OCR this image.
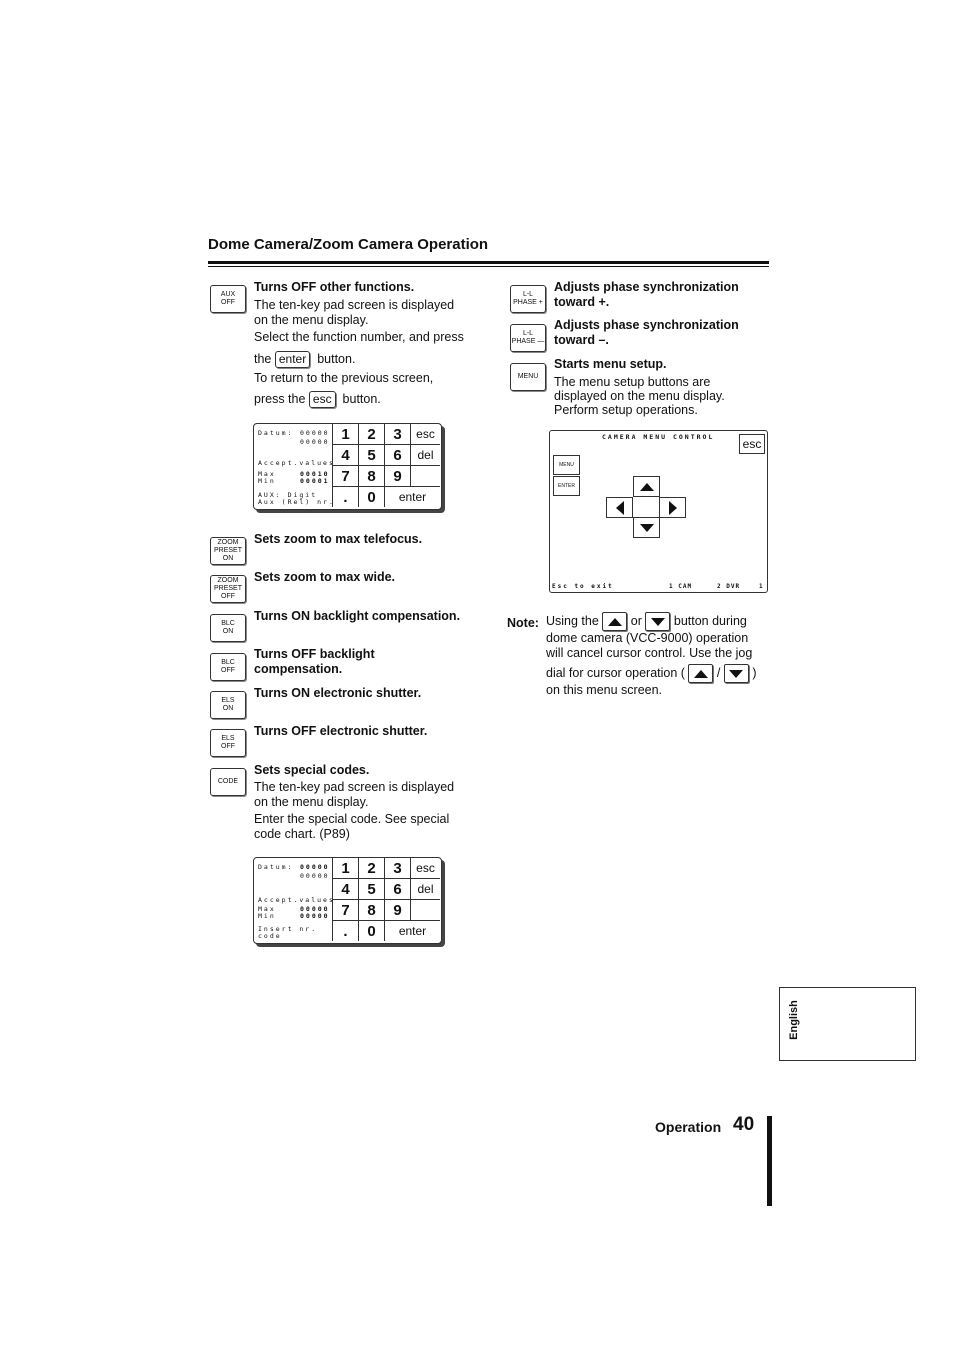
Dome Camera/Zoom Camera Operation
AUX
OFF
Turns OFF other functions.
The ten-key pad screen is displayed
on the menu display.
Select the function number, and press
the enter button.
To return to the previous screen,
press the esc button.
Datum: 00000
00000
Accept.values
Max
Min
00010
00001
AUX: Digit
Aux (Rel) nr.
1	2	3	esc
4	5	6	del
7	8	9
.	0	enter
ZOOM
PRESET
ON
Sets zoom to max telefocus.
ZOOM
PRESET
OFF
Sets zoom to max wide.
BLC
ON
Turns ON backlight compensation.
BLC
OFF
Turns OFF backlight compensation.
ELS
ON
Turns ON electronic shutter.
ELS
OFF
Turns OFF electronic shutter.
CODE
Sets special codes.
The ten-key pad screen is displayed
on the menu display.
Enter the special code. See special
code chart. (P89)
Datum: 00000
00000
Accept.values
Max
Min
00000
00000
Insert nr.
code
1	2	3	esc
4	5	6	del
7	8	9
.	0	enter
L-L
PHASE +
Adjusts phase synchronization
toward +.
L-L
PHASE —
Adjusts phase synchronization
toward –.
MENU
Starts menu setup.
The menu setup buttons are
displayed on the menu display.
Perform setup operations.
CAMERA MENU CONTROL	esc
MENU
ENTER
Esc to exit	1 CAM	2 DVR	1
Note: Using the	or	button during
dome camera (VCC-9000) operation
will cancel cursor control. Use the jog
dial for cursor operation (	/	)
on this menu screen.
English
Operation 40
